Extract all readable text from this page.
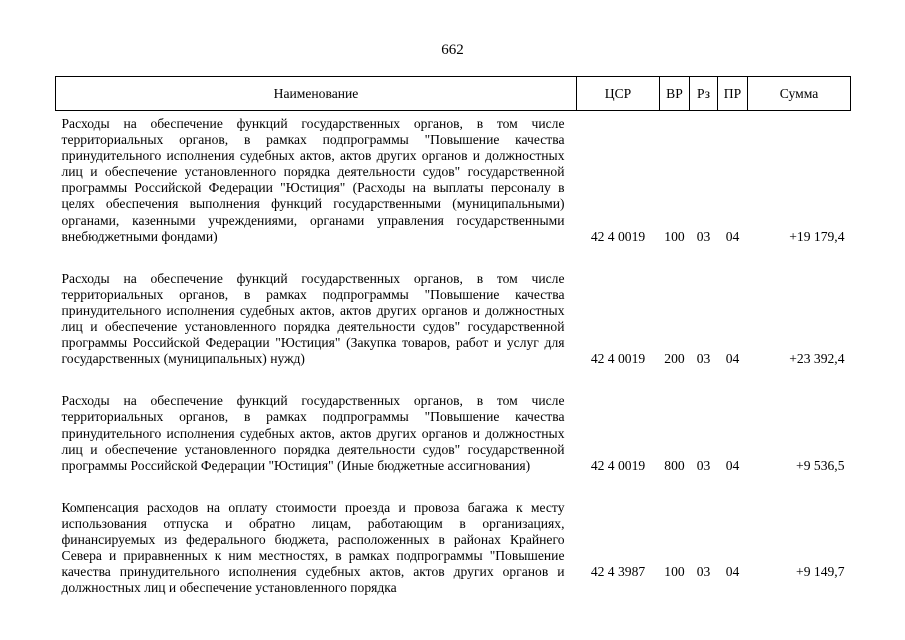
662
Наименование	ЦСР	ВР	Рз	ПР	Сумма
Расходы на обеспечение функций государственных органов, в том числе территориальных органов, в рамках подпрограммы "Повышение качества принудительного исполнения судебных актов, актов других органов и должностных лиц и обеспечение установленного порядка деятельности судов" государственной программы Российской Федерации "Юстиция" (Расходы на выплаты персоналу в целях обеспечения выполнения функций государственными (муниципальными) органами, казенными учреждениями, органами управления государственными внебюджетными фондами)	42 4 0019	100	03	04	+19 179,4
Расходы на обеспечение функций государственных органов, в том числе территориальных органов, в рамках подпрограммы "Повышение качества принудительного исполнения судебных актов, актов других органов и должностных лиц и обеспечение установленного порядка деятельности судов" государственной программы Российской Федерации "Юстиция" (Закупка товаров, работ и услуг для государственных (муниципальных) нужд)	42 4 0019	200	03	04	+23 392,4
Расходы на обеспечение функций государственных органов, в том числе территориальных органов, в рамках подпрограммы "Повышение качества принудительного исполнения судебных актов, актов других органов и должностных лиц и обеспечение установленного порядка деятельности судов" государственной программы Российской Федерации "Юстиция" (Иные бюджетные ассигнования)	42 4 0019	800	03	04	+9 536,5
Компенсация расходов на оплату стоимости проезда и провоза багажа к месту использования отпуска и обратно лицам, работающим в организациях, финансируемых из федерального бюджета, расположенных в районах Крайнего Севера и приравненных к ним местностях, в рамках подпрограммы "Повышение качества принудительного исполнения судебных актов, актов других органов и должностных лиц и обеспечение установленного порядка	42 4 3987	100	03	04	+9 149,7
